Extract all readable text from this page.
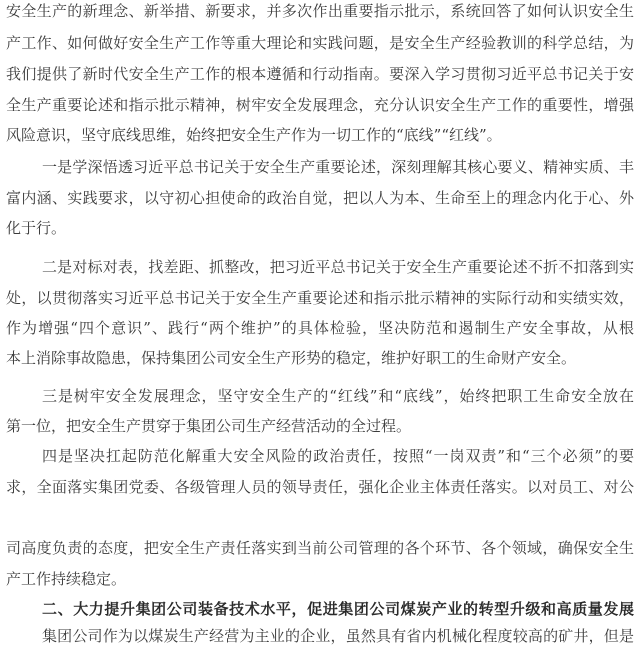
安全生产的新理念、新举措、新要求，并多次作出重要指示批示，系统回答了如何认识安全生
产工作、如何做好安全生产工作等重大理论和实践问题，是安全生产经验教训的科学总结，为
我们提供了新时代安全生产工作的根本遵循和行动指南。要深入学习贯彻习近平总书记关于安
全生产重要论述和指示批示精神，树牢安全发展理念，充分认识安全生产工作的重要性，增强
风险意识，坚守底线思维，始终把安全生产作为一切工作的“底线”“红线”。
一是学深悟透习近平总书记关于安全生产重要论述，深刻理解其核心要义、精神实质、丰
富内涵、实践要求，以守初心担使命的政治自觉，把以人为本、生命至上的理念内化于心、外
化于行。
二是对标对表，找差距、抓整改，把习近平总书记关于安全生产重要论述不折不扣落到实
处，以贯彻落实习近平总书记关于安全生产重要论述和指示批示精神的实际行动和实绩实效，
作为增强“四个意识”、践行“两个维护”的具体检验，坚决防范和遏制生产安全事故，从根
本上消除事故隐患，保持集团公司安全生产形势的稳定，维护好职工的生命财产安全。
三是树牢安全发展理念，坚守安全生产的“红线”和“底线”，始终把职工生命安全放在
第一位，把安全生产贯穿于集团公司生产经营活动的全过程。
四是坚决扛起防范化解重大安全风险的政治责任，按照“一岗双责”和“三个必须”的要
求，全面落实集团党委、各级管理人员的领导责任，强化企业主体责任落实。以对员工、对公
司高度负责的态度，把安全生产责任落实到当前公司管理的各个环节、各个领域，确保安全生
产工作持续稳定。
二、大力提升集团公司装备技术水平，促进集团公司煤炭产业的转型升级和高质量发展
集团公司作为以煤炭生产经营为主业的企业，虽然具有省内机械化程度较高的矿井，但是
